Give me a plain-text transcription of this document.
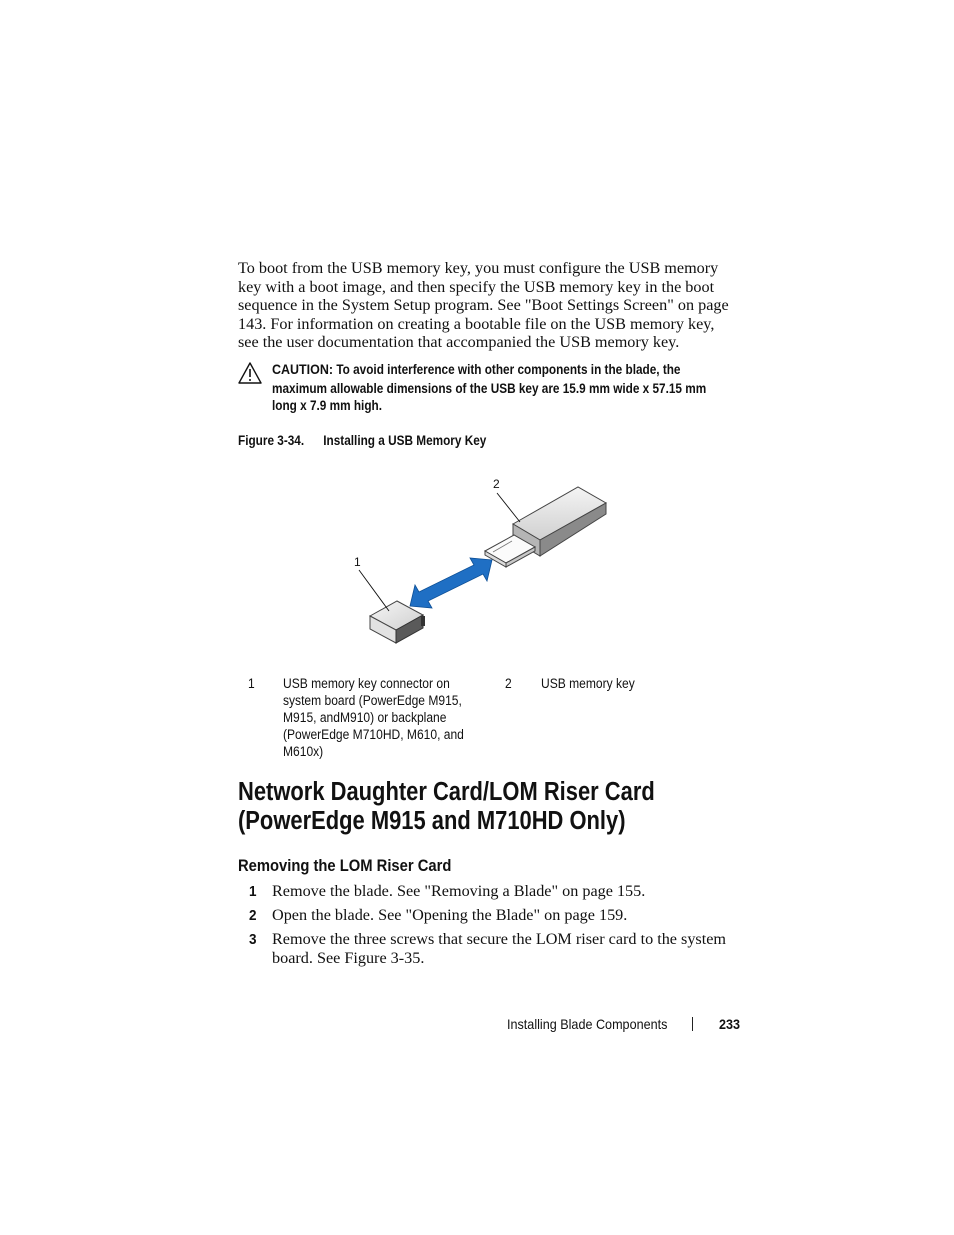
To boot from the USB memory key, you must configure the USB memory key with a boot image, and then specify the USB memory key in the boot sequence in the System Setup program. See "Boot Settings Screen" on page 143. For information on creating a bootable file on the USB memory key, see the user documentation that accompanied the USB memory key.

CAUTION: To avoid interference with other components in the blade, the maximum allowable dimensions of the USB key are 15.9 mm wide x 57.15 mm long x 7.9 mm high.
Figure 3-34. Installing a USB Memory Key
1
2
1 USB memory key connector on system board (PowerEdge M915, M915, andM910) or backplane (PowerEdge M710HD, M610, and M610x)
2 USB memory key
Network Daughter Card/LOM Riser Card (PowerEdge M915 and M710HD Only)
Removing the LOM Riser Card
1 Remove the blade. See "Removing a Blade" on page 155.
2 Open the blade. See "Opening the Blade" on page 159.
3 Remove the three screws that secure the LOM riser card to the system board. See Figure 3-35.
Installing Blade Components	233
